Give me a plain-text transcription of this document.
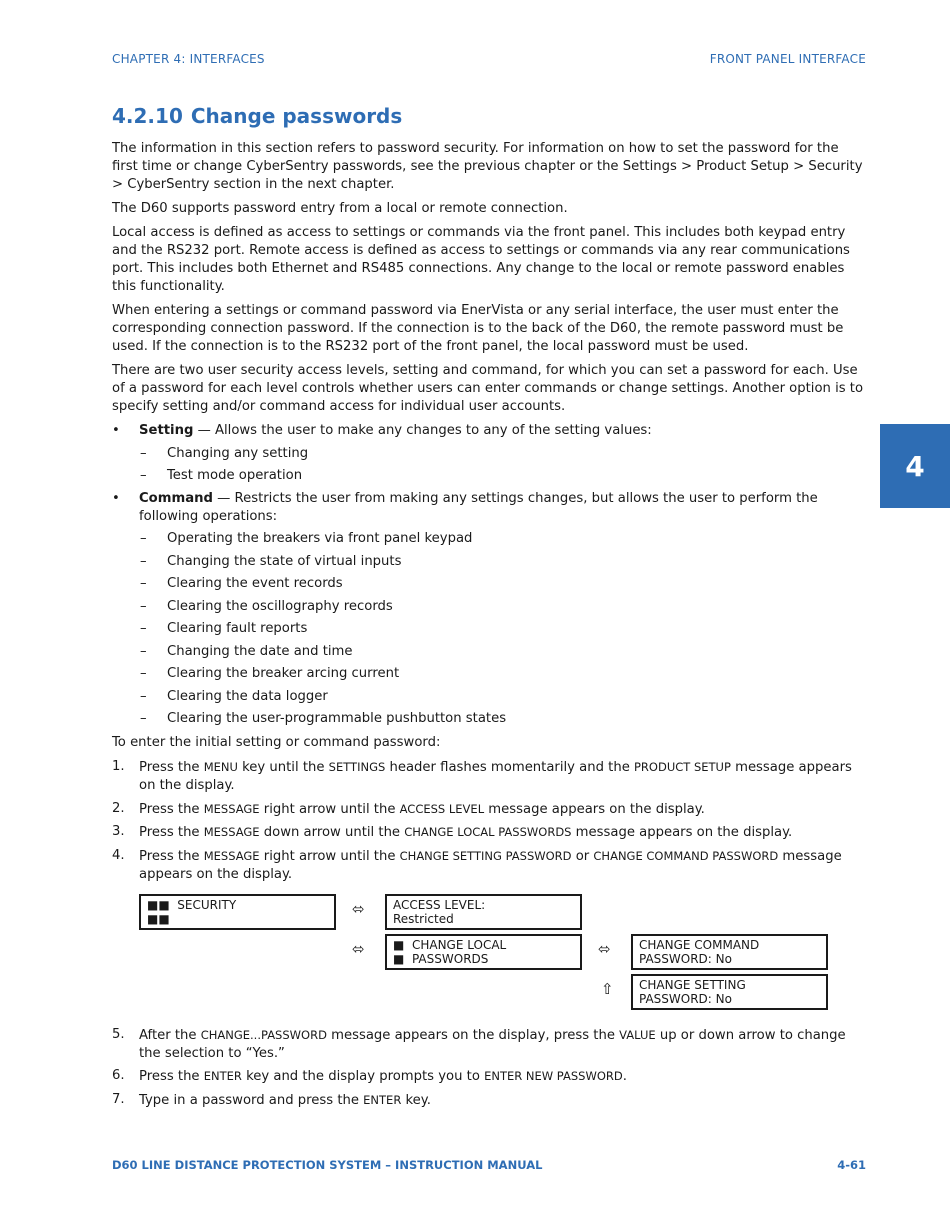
CHAPTER 4: INTERFACES	FRONT PANEL INTERFACE
4.2.10 Change passwords

The information in this section refers to password security. For information on how to set the password for the first time or change CyberSentry passwords, see the previous chapter or the Settings > Product Setup > Security > CyberSentry section in the next chapter.

The D60 supports password entry from a local or remote connection.

Local access is defined as access to settings or commands via the front panel. This includes both keypad entry and the RS232 port. Remote access is defined as access to settings or commands via any rear communications port. This includes both Ethernet and RS485 connections. Any change to the local or remote password enables this functionality.

When entering a settings or command password via EnerVista or any serial interface, the user must enter the corresponding connection password. If the connection is to the back of the D60, the remote password must be used. If the connection is to the RS232 port of the front panel, the local password must be used.

There are two user security access levels, setting and command, for which you can set a password for each. Use of a password for each level controls whether users can enter commands or change settings. Another option is to specify setting and/or command access for individual user accounts.

• Setting — Allows the user to make any changes to any of the setting values:
– Changing any setting
– Test mode operation
• Command — Restricts the user from making any settings changes, but allows the user to perform the following operations:
– Operating the breakers via front panel keypad
– Changing the state of virtual inputs
– Clearing the event records
– Clearing the oscillography records
– Clearing fault reports
– Changing the date and time
– Clearing the breaker arcing current
– Clearing the data logger
– Clearing the user-programmable pushbutton states

To enter the initial setting or command password:

1. Press the MENU key until the SETTINGS header flashes momentarily and the PRODUCT SETUP message appears on the display.
2. Press the MESSAGE right arrow until the ACCESS LEVEL message appears on the display.
3. Press the MESSAGE down arrow until the CHANGE LOCAL PASSWORDS message appears on the display.
4. Press the MESSAGE right arrow until the CHANGE SETTING PASSWORD or CHANGE COMMAND PASSWORD message appears on the display.
■■  SECURITY
■■
⬄ ACCESS LEVEL:
Restricted
⬄ ■  CHANGE LOCAL
■  PASSWORDS
⬄ CHANGE COMMAND
PASSWORD: No
⇧ CHANGE SETTING
PASSWORD: No
5. After the CHANGE...PASSWORD message appears on the display, press the VALUE up or down arrow to change the selection to “Yes.”
6. Press the ENTER key and the display prompts you to ENTER NEW PASSWORD.
7. Type in a password and press the ENTER key.
4
D60 LINE DISTANCE PROTECTION SYSTEM – INSTRUCTION MANUAL	4-61
